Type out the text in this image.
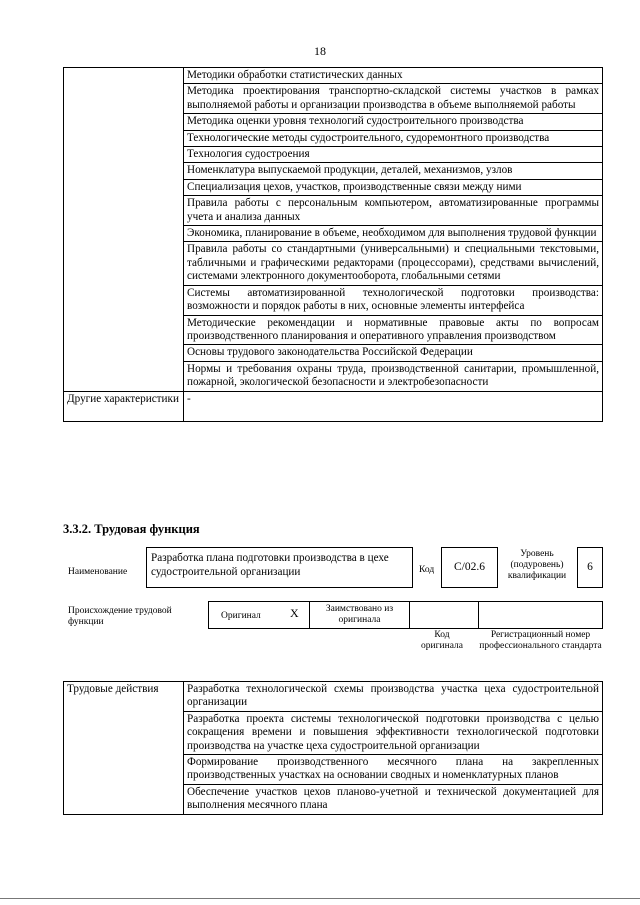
18
	Методики обработки статистических данных
	Методика проектирования транспортно-складской системы участков в рамках выполняемой работы и организации производства в объеме выполняемой работы
	Методика оценки уровня технологий судостроительного производства
	Технологические методы судостроительного, судоремонтного производства
	Технология судостроения
	Номенклатура выпускаемой продукции, деталей, механизмов, узлов
	Специализация цехов, участков, производственные связи между ними
	Правила работы с персональным компьютером, автоматизированные программы учета и анализа данных
	Экономика, планирование в объеме, необходимом для выполнения трудовой функции
	Правила работы со стандартными (универсальными) и специальными текстовыми, табличными и графическими редакторами (процессорами), средствами вычислений, системами электронного документооборота, глобальными сетями
	Системы автоматизированной технологической подготовки производства: возможности и порядок работы в них, основные элементы интерфейса
	Методические рекомендации и нормативные правовые акты по вопросам производственного планирования и оперативного управления производством
	Основы трудового законодательства Российской Федерации
	Нормы и требования охраны труда, производственной санитарии, промышленной, пожарной, экологической безопасности и электробезопасности
Другие характеристики	-
3.3.2. Трудовая функция
Наименование
Разработка плана подготовки производства в цехе судостроительной организации	Код	C/02.6
Уровень (подуровень) квалификации
6
Происхождение трудовой функции
Оригинал X	Заимствовано из оригинала
Код оригинала
Регистрационный номер профессионального стандарта
Трудовые действия	Разработка технологической схемы производства участка цеха судостроительной организации
Разработка проекта системы технологической подготовки производства с целью сокращения времени и повышения эффективности технологической подготовки производства на участке цеха судостроительной организации
Формирование производственного месячного плана на закрепленных производственных участках на основании сводных и номенклатурных планов
Обеспечение участков цехов планово-учетной и технической документацией для выполнения месячного плана
